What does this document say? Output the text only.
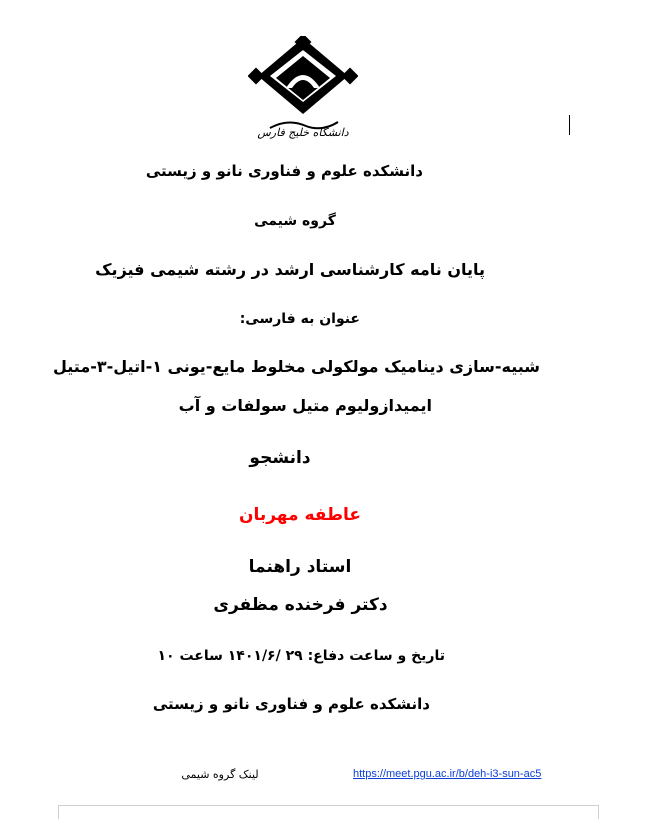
دانشگاه خلیج فارس
دانشکده علوم و فناوری نانو و زیستی
گروه شیمی
پایان نامه کارشناسی ارشد در رشته شیمی فیزیک
عنوان به فارسی:
شبیه-سازی دینامیک مولکولی مخلوط مایع-یونی ۱-اتیل-۳-متیل
ایمیدازولیوم متیل سولفات و آب
دانشجو
عاطفه مهربان
استاد راهنما
دکتر فرخنده مظفری
تاریخ و ساعت دفاع: ۲۹ /۱۴۰۱/۶ ساعت ۱۰
دانشکده علوم و فناوری نانو و زیستی
لینک گروه شیمی	https://meet.pgu.ac.ir/b/deh-i3-sun-ac5
